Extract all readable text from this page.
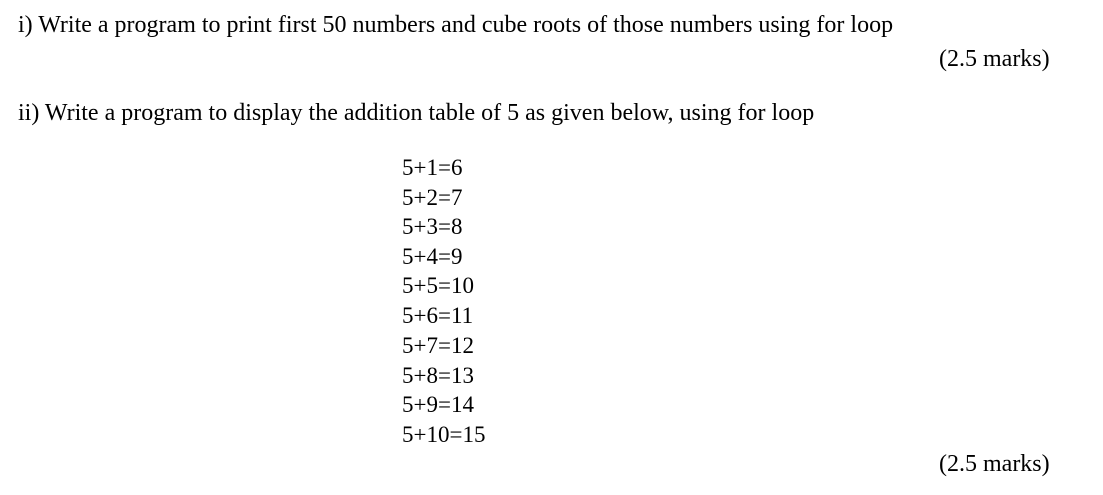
i) Write a program to print first 50 numbers and cube roots of those numbers using for loop
(2.5 marks)
ii) Write a program to display the addition table of 5 as given below, using for loop
5+1=6
5+2=7
5+3=8
5+4=9
5+5=10
5+6=11
5+7=12
5+8=13
5+9=14
5+10=15
(2.5 marks)
